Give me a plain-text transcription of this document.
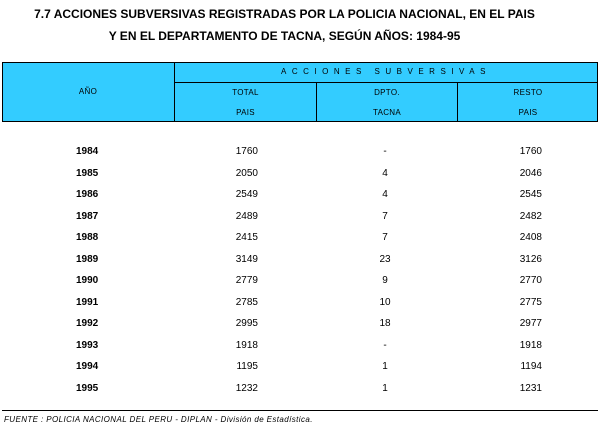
7.7 ACCIONES SUBVERSIVAS REGISTRADAS POR LA POLICIA NACIONAL, EN EL PAIS
Y EN EL DEPARTAMENTO DE TACNA, SEGÚN AÑOS: 1984-95
AÑO
ACCIONES SUBVERSIVAS
TOTAL
PAIS
DPTO.
TACNA
RESTO
PAIS
1984	1760	-	1760
1985	2050	4	2046
1986	2549	4	2545
1987	2489	7	2482
1988	2415	7	2408
1989	3149	23	3126
1990	2779	9	2770
1991	2785	10	2775
1992	2995	18	2977
1993	1918	-	1918
1994	1195	1	1194
1995	1232	1	1231
FUENTE : POLICIA NACIONAL DEL PERU - DIPLAN - División de Estadística.
